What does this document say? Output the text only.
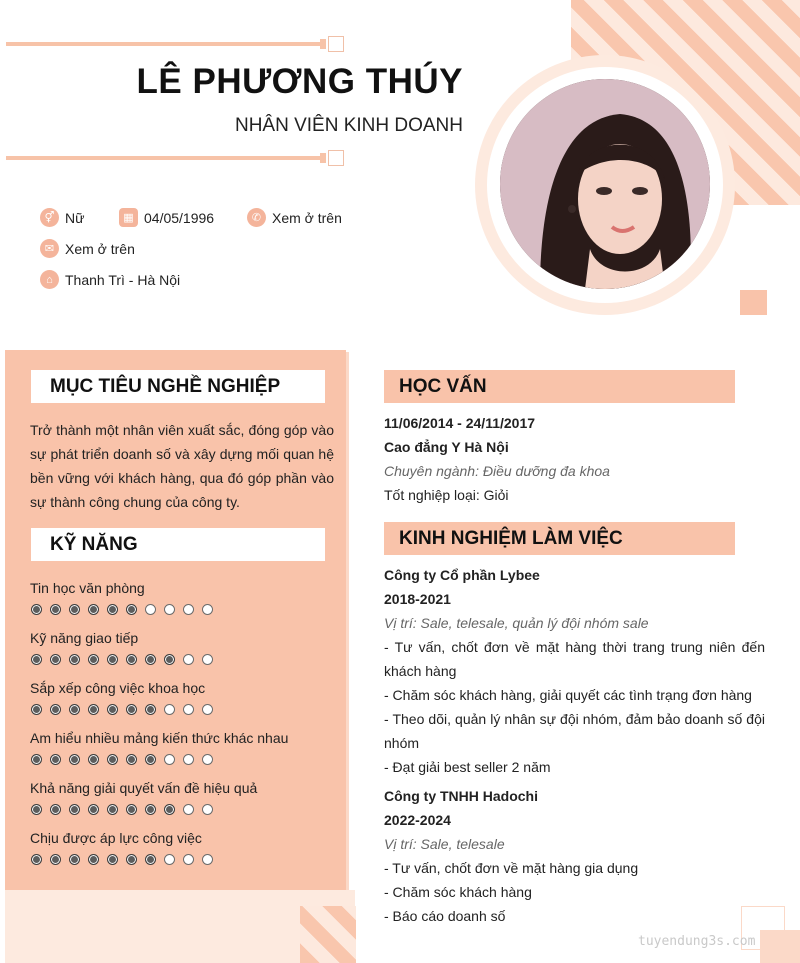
LÊ PHƯƠNG THÚY
NHÂN VIÊN KINH DOANH
⚥ Nữ	▦ 04/05/1996	✆ Xem ở trên
✉ Xem ở trên
⌂ Thanh Trì - Hà Nội
MỤC TIÊU NGHỀ NGHIỆP
Trở thành một nhân viên xuất sắc, đóng góp vào sự phát triển doanh số và xây dựng mối quan hệ bền vững với khách hàng, qua đó góp phần vào sự thành công chung của công ty.
KỸ NĂNG
Tin học văn phòng
Kỹ năng giao tiếp
Sắp xếp công việc khoa học
Am hiểu nhiều mảng kiến thức khác nhau
Khả năng giải quyết vấn đề hiệu quả
Chịu được áp lực công việc
HỌC VẤN
11/06/2014 - 24/11/2017
Cao đẳng Y Hà Nội
Chuyên ngành: Điều dưỡng đa khoa
Tốt nghiệp loại: Giỏi
KINH NGHIỆM LÀM VIỆC
Công ty Cổ phần Lybee
2018-2021
Vị trí: Sale, telesale, quản lý đội nhóm sale
- Tư vấn, chốt đơn về mặt hàng thời trang trung niên đến khách hàng
- Chăm sóc khách hàng, giải quyết các tình trạng đơn hàng
- Theo dõi, quản lý nhân sự đội nhóm, đảm bảo doanh số đội nhóm
- Đạt giải best seller 2 năm
Công ty TNHH Hadochi
2022-2024
Vị trí: Sale, telesale
- Tư vấn, chốt đơn về mặt hàng gia dụng
- Chăm sóc khách hàng
- Báo cáo doanh số
tuyendung3s.com
